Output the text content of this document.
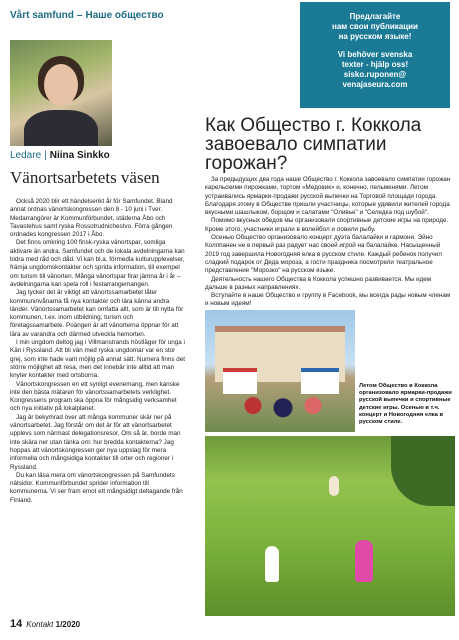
Vårt samfund – Наше общество	Предлагайте
нам свои публикации
на русском языке!
Vi behöver svenska
texter - hjälp oss!
sisko.ruponen@
venajaseura.com
Ledare | Niina Sinkko
Vänortsarbetets väsen

Också 2020 blir ett händelserikt år för Samfundet. Bland annat ordnas vänortskongressen den 8 - 10 juni i Tver. Medarrangörer är Kommunförbundet, städerna Åbo och Tavastehus samt ryska Rossotrudnichestvo. Förra gången ordnades kongressen 2017 i Åbo.

Det finns omkring 100 finsk-ryska vänortspar, somliga aktivare än andra. Samfundet och de lokala avdelningarna kan bidra med råd och dåd. Vi kan bl.a. förmedla kulturupplevelser, främja ungdomskontakter och sprida information, till exempel om turism till vänorten. Många vänortspar firar jämna år i år – avdelningarna kan spela roll i festarrangemangen.

Jag tycker det är viktigt att vänortssamarbetet låter kommuninvånarna få nya kontakter och lära känna andra länder. Vänortssamarbetet kan omfatta allt, som är till nytta för kommunen, t.ex. inom utbildning, turism och företagssamarbete. Poängen är att vänorterna öppnar för att lära av varandra och därmed utveckla hemorten.

I min ungdom deltog jag i Villmanstrands höstläger för unga i Kän i Ryssland. Att bli vän med ryska ungdomar var en stor grej, som inte hade varit möjlig på annat sätt. Numera finns det större möjlighet att resa, men det innebär inte alltid att man knyter kontakter med ortsborna.

Vänortskongressen en ett synligt evenemang, men kanske inte den bästa mätaren för vänortssamarbetets verklighet. Kongressens program ska öppna för mångsidig verksamhet och nya initiativ på lokalplanet.

Jag är bekymrad över att många kommuner skär ner på vänortsarbetet. Jag förstår om det är för att vänortsarbetet upplevs som närmast delegationsresor. Om så är, borde man inte skära ner utan tänka om: hur bredda kontakterna? Jag hoppas att vänortskongressen ger nya uppslag för mera informella och mångsidiga kontakter till orter och regioner i Ryssland.

Du kan läsa mera om vänortskongressen på Samfundets nätsidor. Kommunförbundet sprider information till kommunerna. Vi ser fram emot ett mångsidigt deltagande från Finland.

Как Общество г. Коккола завоевало симпатии горожан?

За предыдущих два года наше Общество г. Коккола завоевало симпатии горожан карельскими пирожками, тортом «Медовик» и, конечно, пельменями. Летом устраивались ярмарки-продажи русской выпечки на Торговой площади города. Благодаря этому в Обществе пришли участницы, которые удивили жителей города вкусными шашлыком, борщом и салатами "Оливье" и "Селедка под шубой".

Помимо вкусных обедов мы организовали спортивные детские игры на природе. Кроме этого, участники играли в волейбол и ловили рыбу.

Осенью Общество организовало концерт дуэта балалайки и гармони. Эйно Колппанен не в первый раз радует нас своей игрой на балалайке. Насыщенный 2019 год завершила Новогодняя елка в русском стиле. Каждый ребенок получил сладкий подарок от Деда мороза, а гости праздника посмотрели театральное представление "Морозко" на русском языке.

Деятельность нашего Общества в Коккола успешно развивается. Мы идем дальше в разных направлениях.

Вступайте в наше Общество и группу в Facebook, мы всегда рады новым членам и новым идеям!

Летом Общество в Коккола организовало ярмарки-продажи русской выпечки и спортивные детские игры. Осенью в т.ч. концерт и Новогодняя елка в русском стиле.
14 Kontakt 1/2020
